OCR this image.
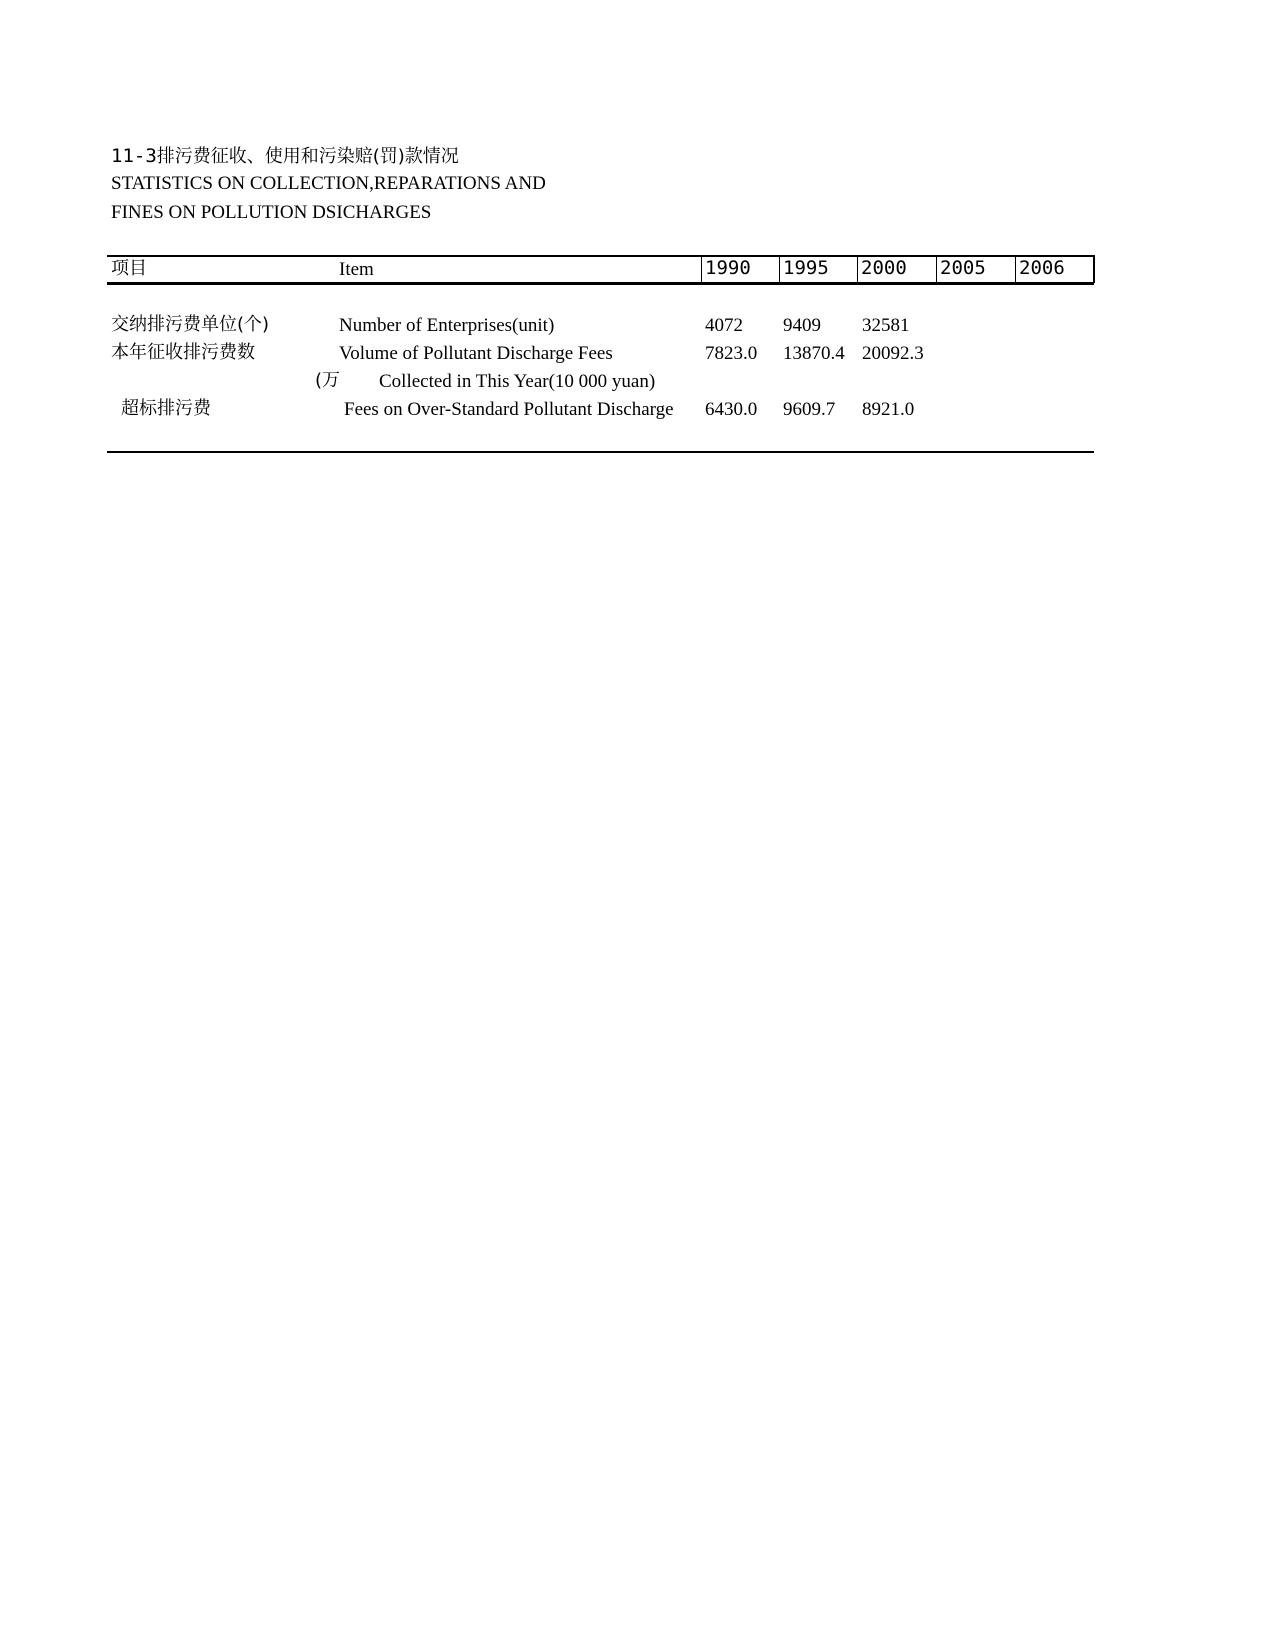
11-3排污费征收、使用和污染赔(罚)款情况
STATISTICS ON COLLECTION,REPARATIONS AND
FINES ON POLLUTION DSICHARGES
项目	Item	1990	1995	2000	2005	2006
交纳排污费单位(个)	Number of Enterprises(unit)	4072 9409 32581
本年征收排污费数	Volume of Pollutant Discharge Fees	7823.0 13870.4 20092.3
(万 Collected in This Year(10 000 yuan)
超标排污费	Fees on Over-Standard Pollutant Discharge 6430.0 9609.7 8921.0
